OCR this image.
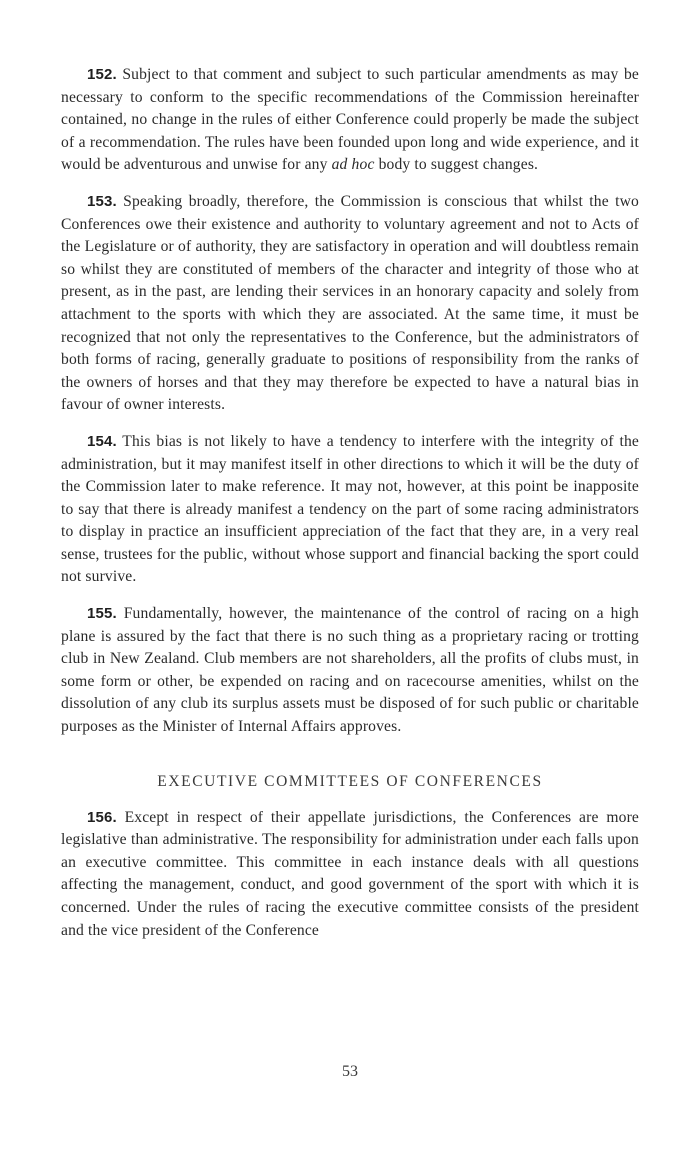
152. Subject to that comment and subject to such particular amendments as may be necessary to conform to the specific recommendations of the Commission hereinafter contained, no change in the rules of either Conference could properly be made the subject of a recommendation. The rules have been founded upon long and wide experience, and it would be adventurous and unwise for any ad hoc body to suggest changes.

153. Speaking broadly, therefore, the Commission is conscious that whilst the two Conferences owe their existence and authority to voluntary agreement and not to Acts of the Legislature or of authority, they are satisfactory in operation and will doubtless remain so whilst they are constituted of members of the character and integrity of those who at present, as in the past, are lending their services in an honorary capacity and solely from attachment to the sports with which they are associated. At the same time, it must be recognized that not only the representatives to the Conference, but the administrators of both forms of racing, generally graduate to positions of responsibility from the ranks of the owners of horses and that they may therefore be expected to have a natural bias in favour of owner interests.

154. This bias is not likely to have a tendency to interfere with the integrity of the administration, but it may manifest itself in other directions to which it will be the duty of the Commission later to make reference. It may not, however, at this point be inapposite to say that there is already manifest a tendency on the part of some racing administrators to display in practice an insufficient appreciation of the fact that they are, in a very real sense, trustees for the public, without whose support and financial backing the sport could not survive.

155. Fundamentally, however, the maintenance of the control of racing on a high plane is assured by the fact that there is no such thing as a proprietary racing or trotting club in New Zealand. Club members are not shareholders, all the profits of clubs must, in some form or other, be expended on racing and on racecourse amenities, whilst on the dissolution of any club its surplus assets must be disposed of for such public or charitable purposes as the Minister of Internal Affairs approves.

EXECUTIVE COMMITTEES OF CONFERENCES

156. Except in respect of their appellate jurisdictions, the Conferences are more legislative than administrative. The responsibility for administration under each falls upon an executive committee. This committee in each instance deals with all questions affecting the management, conduct, and good government of the sport with which it is concerned. Under the rules of racing the executive committee consists of the president and the vice president of the Conference

53
